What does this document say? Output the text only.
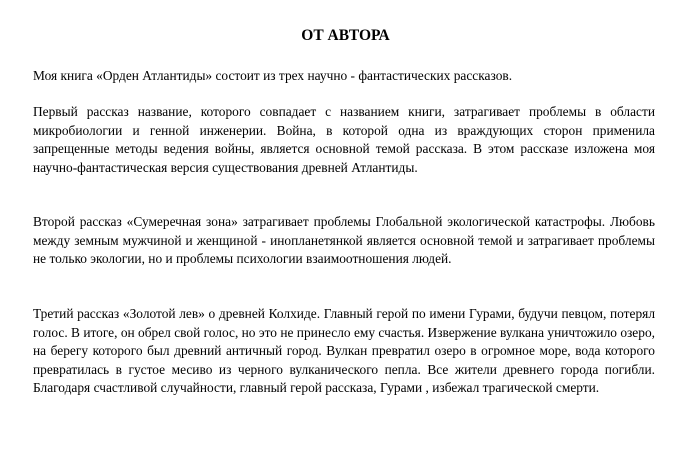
ОТ АВТОРА

Моя книга «Орден Атлантиды» состоит из трех научно - фантастических рассказов.

Первый рассказ название, которого совпадает с названием книги, затрагивает проблемы в области микробиологии и генной инженерии. Война, в которой одна из враждующих сторон применила запрещенные методы ведения войны, является основной темой рассказа. В этом рассказе изложена моя научно-фантастическая версия существования древней Атлантиды.

Второй рассказ «Сумеречная зона» затрагивает проблемы Глобальной экологической катастрофы. Любовь между земным мужчиной и женщиной - инопланетянкой является основной темой и затрагивает проблемы не только экологии, но и проблемы психологии взаимоотношения людей.

Третий рассказ «Золотой лев» о древней Колхиде. Главный герой по имени Гурами, будучи певцом, потерял голос. В итоге, он обрел свой голос, но это не принесло ему счастья. Извержение вулкана уничтожило озеро, на берегу которого был древний античный город. Вулкан превратил озеро в огромное море, вода которого превратилась в густое месиво из черного вулканического пепла. Все жители древнего города погибли. Благодаря счастливой случайности, главный герой рассказа, Гурами , избежал трагической смерти.
